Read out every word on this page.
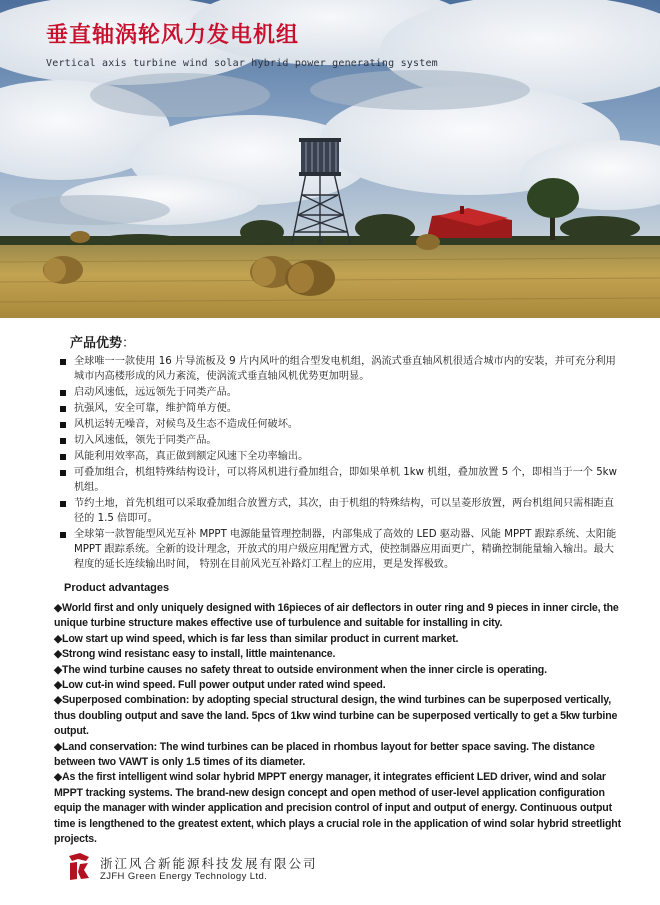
垂直轴涡轮风力发电机组
Vertical axis turbine wind solar hybrid power generating system
产品优势：
全球唯一一款使用 16 片导流板及 9 片内风叶的组合型发电机组，涡流式垂直轴风机很适合城市内的安装，并可充分利用城市内高楼形成的风力紊流，使涡流式垂直轴风机优势更加明显。
启动风速低，远远领先于同类产品。
抗强风，安全可靠，维护简单方便。
风机运转无噪音，对候鸟及生态不造成任何破坏。
切入风速低，领先于同类产品。
风能利用效率高，真正做到额定风速下全功率输出。
可叠加组合，机组特殊结构设计，可以将风机进行叠加组合，即如果单机 1kw 机组，叠加放置 5 个，即相当于一个 5kw 机组。
节约土地，首先机组可以采取叠加组合放置方式，其次，由于机组的特殊结构，可以呈菱形放置，两台机组间只需相距直径的 1.5 倍即可。
全球第一款智能型风光互补 MPPT 电源能量管理控制器，内部集成了高效的 LED 驱动器、风能 MPPT 跟踪系统、太阳能 MPPT 跟踪系统。全新的设计理念，开放式的用户级应用配置方式，使控制器应用面更广，精确控制能量输入输出。最大程度的延长连续输出时间， 特别在目前风光互补路灯工程上的应用，更是发挥极致。
Product advantages
◆World first and only uniquely designed with 16pieces of air deflectors in outer ring and 9 pieces in inner circle, the unique turbine structure makes effective use of turbulence and suitable for installing in city.
◆Low start up wind speed, which is far less than similar product in current market.
◆Strong wind resistanc easy to install, little maintenance.
◆The wind turbine causes no safety threat to outside environment when the inner circle is operating.
◆Low cut-in wind speed. Full power output under rated wind speed.
◆Superposed combination: by adopting special structural design, the wind turbines can be superposed vertically, thus doubling output and save the land. 5pcs of 1kw wind turbine can be superposed vertically to get a 5kw turbine output.
◆Land conservation: The wind turbines can be placed in rhombus layout for better space saving. The distance between two VAWT is only 1.5 times of its diameter.
◆As the first intelligent wind solar hybrid MPPT energy manager, it integrates efficient LED driver, wind and solar MPPT tracking systems. The brand-new design concept and open method of user-level application configuration equip the manager with winder application and precision control of input and output of energy. Continuous output time is lengthened to the greatest extent, which plays a crucial role in the application of wind solar hybrid streetlight projects.
浙江风合新能源科技发展有限公司
ZJFH Green Energy Technology Ltd.
